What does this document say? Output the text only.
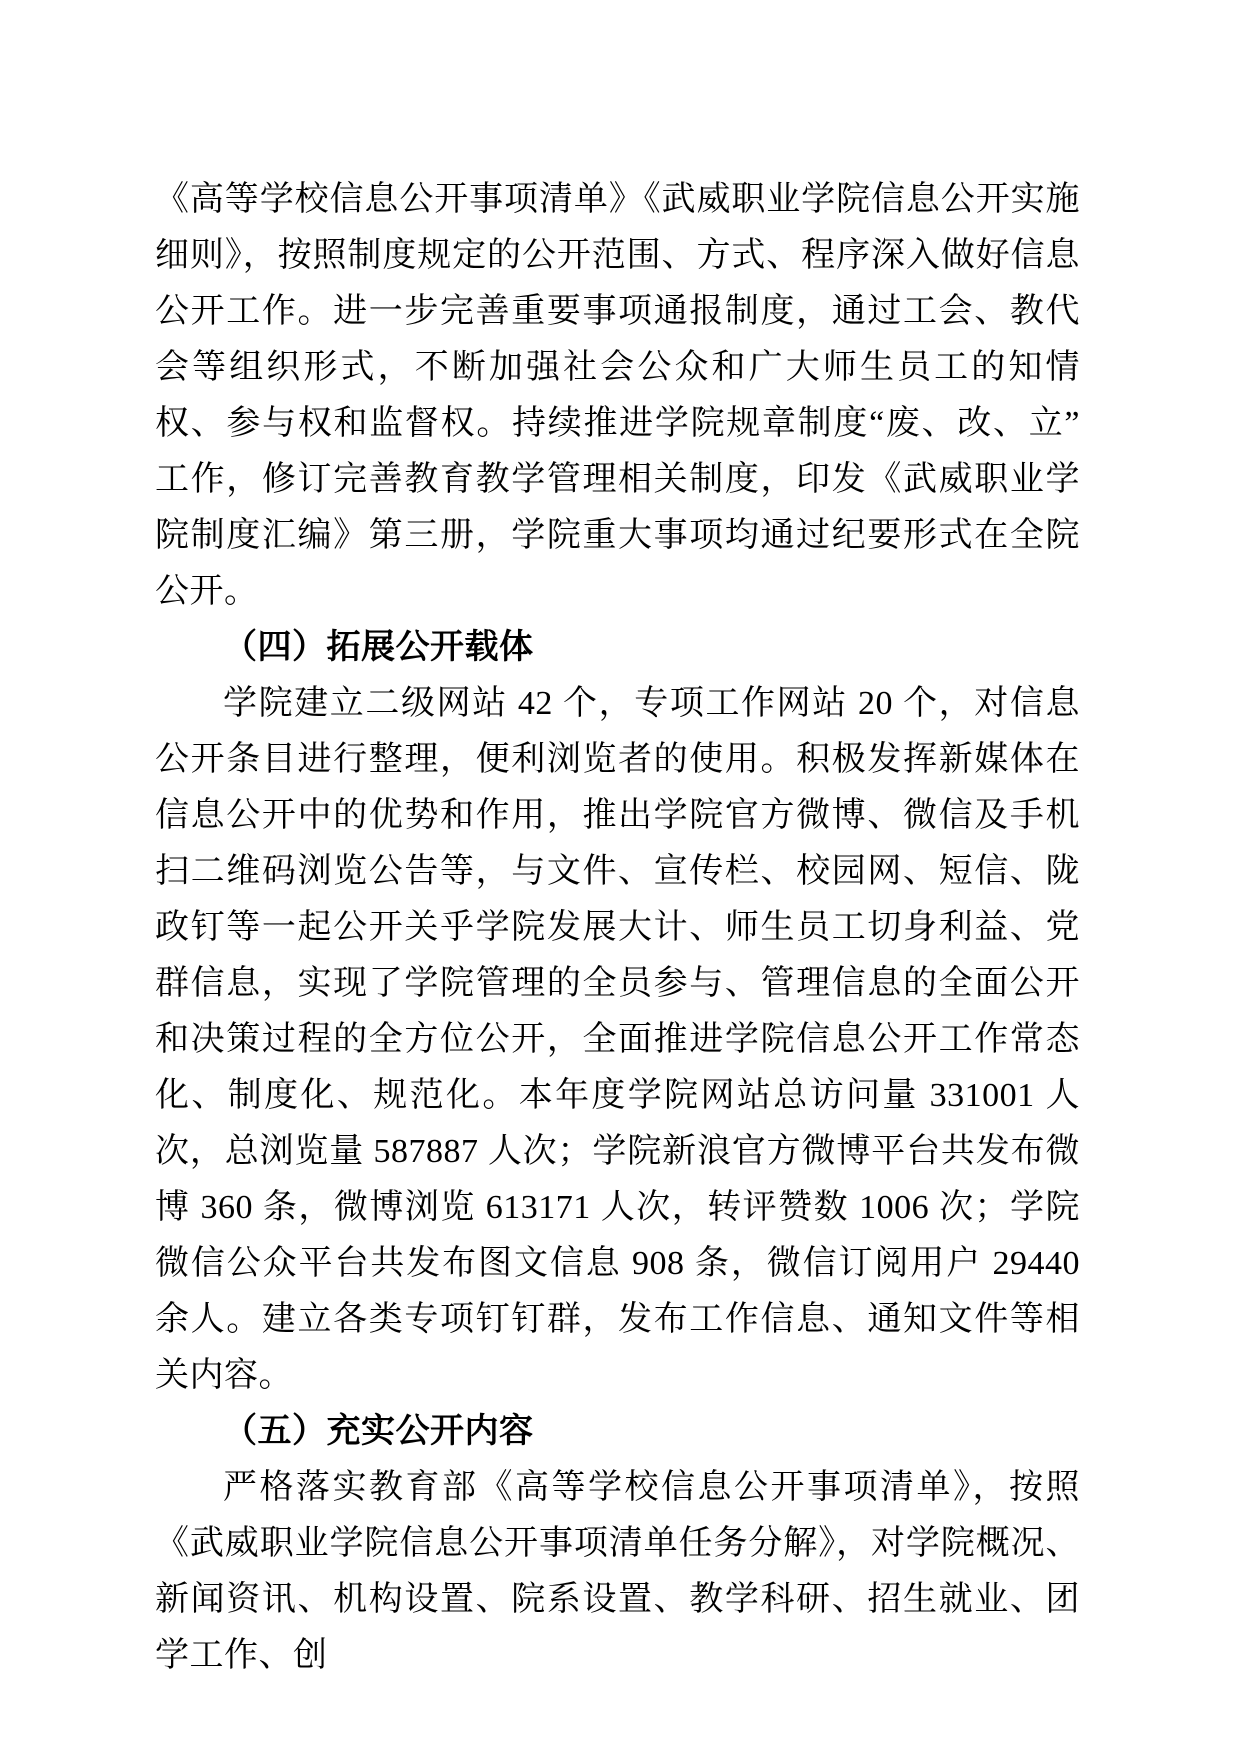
《高等学校信息公开事项清单》《武威职业学院信息公开实施细则》，按照制度规定的公开范围、方式、程序深入做好信息公开工作。进一步完善重要事项通报制度，通过工会、教代会等组织形式，不断加强社会公众和广大师生员工的知情权、参与权和监督权。持续推进学院规章制度“废、改、立”工作，修订完善教育教学管理相关制度，印发《武威职业学院制度汇编》第三册，学院重大事项均通过纪要形式在全院公开。

（四）拓展公开载体

学院建立二级网站 42 个，专项工作网站 20 个，对信息公开条目进行整理，便利浏览者的使用。积极发挥新媒体在信息公开中的优势和作用，推出学院官方微博、微信及手机扫二维码浏览公告等，与文件、宣传栏、校园网、短信、陇政钉等一起公开关乎学院发展大计、师生员工切身利益、党群信息，实现了学院管理的全员参与、管理信息的全面公开和决策过程的全方位公开，全面推进学院信息公开工作常态化、制度化、规范化。本年度学院网站总访问量 331001 人次，总浏览量 587887 人次；学院新浪官方微博平台共发布微博 360 条，微博浏览 613171 人次，转评赞数 1006 次；学院微信公众平台共发布图文信息 908 条，微信订阅用户 29440 余人。建立各类专项钉钉群，发布工作信息、通知文件等相关内容。

（五）充实公开内容

严格落实教育部《高等学校信息公开事项清单》，按照《武威职业学院信息公开事项清单任务分解》，对学院概况、新闻资讯、机构设置、院系设置、教学科研、招生就业、团学工作、创
